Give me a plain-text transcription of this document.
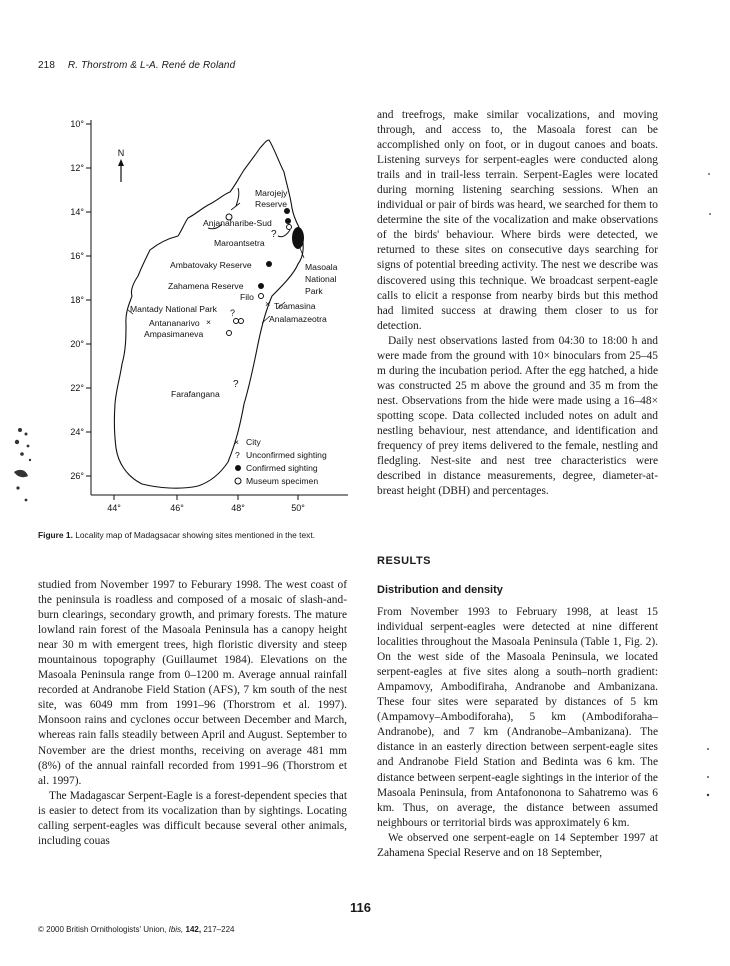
218 R. Thorstrom & L-A. René de Roland
10°
12°
14°
16°
18°
20°
22°
24°
26°
44°	46°	48°	50°
N
?
×
?
?
Marojejy
Reserve
Anjanaharibe-Sud
Maroantsetra
Ambatovaky Reserve	Masoala
National
Park
Zahamena Reserve
Filo
Toamasina
Mantady National Park
Analamazeotra
Antananarivo
Ampasimaneva
Farafangana
×
× City
? Unconfirmed sighting
Confirmed sighting
Museum specimen
Figure 1. Locality map of Madagsacar showing sites mentioned in the text.

studied from November 1997 to Feburary 1998. The west coast of the peninsula is roadless and composed of a mosaic of slash-and-burn clearings, secondary growth, and primary forests. The mature lowland rain forest of the Masoala Peninsula has a canopy height near 30 m with emergent trees, high floristic diversity and steep mountainous topography (Guillaumet 1984). Elevations on the Masoala Peninsula range from 0–1200 m. Average annual rainfall recorded at Andranobe Field Station (AFS), 7 km south of the nest site, was 6049 mm from 1991–96 (Thorstrom et al. 1997). Monsoon rains and cyclones occur between December and March, whereas rain falls steadily between April and August. September to November are the driest months, receiving on average 481 mm (8%) of the annual rainfall recorded from 1991–96 (Thorstrom et al. 1997).

The Madagascar Serpent-Eagle is a forest-dependent species that is easier to detect from its vocalization than by sightings. Locating calling serpent-eagles was difficult because several other animals, including couas

and treefrogs, make similar vocalizations, and moving through, and access to, the Masoala forest can be accomplished only on foot, or in dugout canoes and boats. Listening surveys for serpent-eagles were conducted along trails and in trail-less terrain. Serpent-Eagles were located during morning listening searching sessions. When an individual or pair of birds was heard, we searched for them to determine the site of the vocalization and make observations of the birds' behaviour. Where birds were detected, we returned to these sites on consecutive days searching for signs of potential breeding activity. The nest we describe was discovered using this technique. We broadcast serpent-eagle calls to elicit a response from nearby birds but this method had limited success at drawing them closer to us for detection.

Daily nest observations lasted from 04:30 to 18:00 h and were made from the ground with 10× binoculars from 25–45 m during the incubation period. After the egg hatched, a hide was constructed 25 m above the ground and 35 m from the nest. Observations from the hide were made using a 16–48× spotting scope. Data collected included notes on adult and nestling behaviour, nest attendance, and identification and frequency of prey items delivered to the female, nestling and fledgling. Nest-site and nest tree characteristics were described in distance measurements, degree, diameter-at-breast height (DBH) and percentages.

RESULTS
Distribution and density

From November 1993 to February 1998, at least 15 individual serpent-eagles were detected at nine different localities throughout the Masoala Peninsula (Table 1, Fig. 2). On the west side of the Masoala Peninsula, we located serpent-eagles at five sites along a south–north gradient: Ampamovy, Ambodifiraha, Andranobe and Ambanizana. These four sites were separated by distances of 5 km (Ampamovy–Ambodiforaha), 5 km (Ambodiforaha–Andranobe), and 7 km (Andranobe–Ambanizana). The distance in an easterly direction between serpent-eagle sites and Andranobe Field Station and Bedinta was 6 km. The distance between serpent-eagle sightings in the interior of the Masoala Peninsula, from Antafononona to Sahatremo was 6 km. Thus, on average, the distance between assumed neighbours or territorial birds was approximately 6 km.

We observed one serpent-eagle on 14 September 1997 at Zahamena Special Reserve and on 18 September,

116
© 2000 British Ornithologists' Union, Ibis, 142, 217–224
